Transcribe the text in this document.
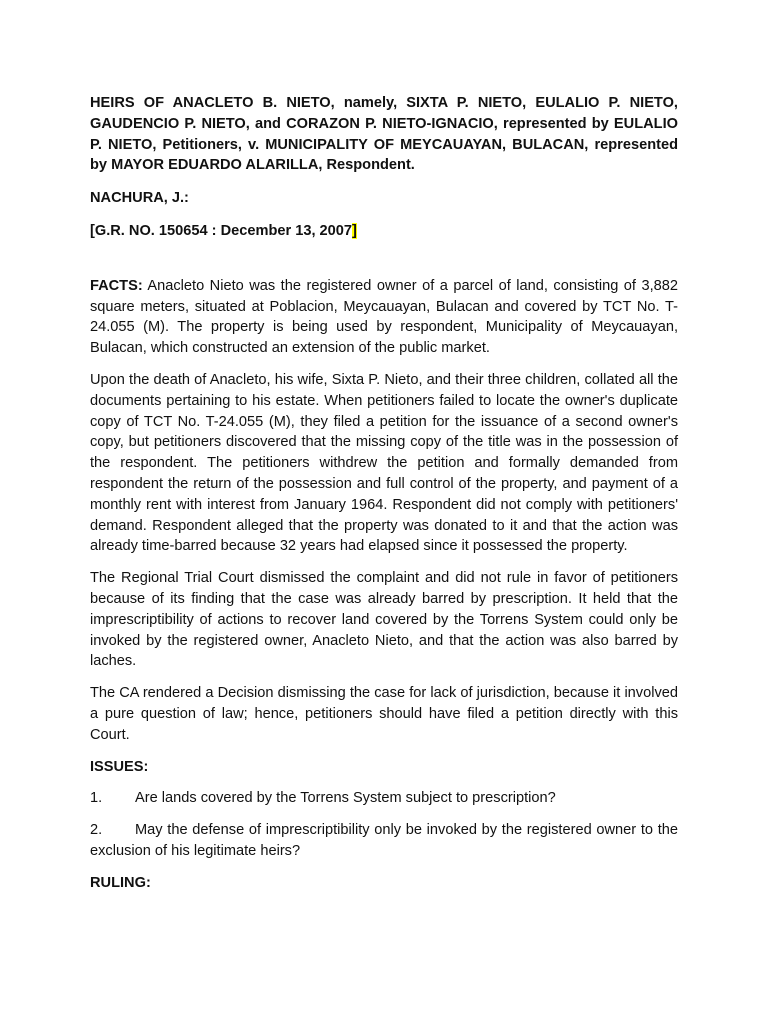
HEIRS OF ANACLETO B. NIETO, namely, SIXTA P. NIETO, EULALIO P. NIETO, GAUDENCIO P. NIETO, and CORAZON P. NIETO-IGNACIO, represented by EULALIO P. NIETO, Petitioners, v. MUNICIPALITY OF MEYCAUAYAN, BULACAN, represented by MAYOR EDUARDO ALARILLA, Respondent.

NACHURA, J.:

[G.R. NO. 150654 : December 13, 2007]

FACTS: Anacleto Nieto was the registered owner of a parcel of land, consisting of 3,882 square meters, situated at Poblacion, Meycauayan, Bulacan and covered by TCT No. T-24.055 (M). The property is being used by respondent, Municipality of Meycauayan, Bulacan, which constructed an extension of the public market.

Upon the death of Anacleto, his wife, Sixta P. Nieto, and their three children, collated all the documents pertaining to his estate. When petitioners failed to locate the owner's duplicate copy of TCT No. T-24.055 (M), they filed a petition for the issuance of a second owner's copy, but petitioners discovered that the missing copy of the title was in the possession of the respondent. The petitioners withdrew the petition and formally demanded from respondent the return of the possession and full control of the property, and payment of a monthly rent with interest from January 1964. Respondent did not comply with petitioners' demand. Respondent alleged that the property was donated to it and that the action was already time-barred because 32 years had elapsed since it possessed the property.

The Regional Trial Court dismissed the complaint and did not rule in favor of petitioners because of its finding that the case was already barred by prescription. It held that the imprescriptibility of actions to recover land covered by the Torrens System could only be invoked by the registered owner, Anacleto Nieto, and that the action was also barred by laches.

The CA rendered a Decision dismissing the case for lack of jurisdiction, because it involved a pure question of law; hence, petitioners should have filed a petition directly with this Court.

ISSUES:

1. Are lands covered by the Torrens System subject to prescription?

2. May the defense of imprescriptibility only be invoked by the registered owner to the exclusion of his legitimate heirs?

RULING:
